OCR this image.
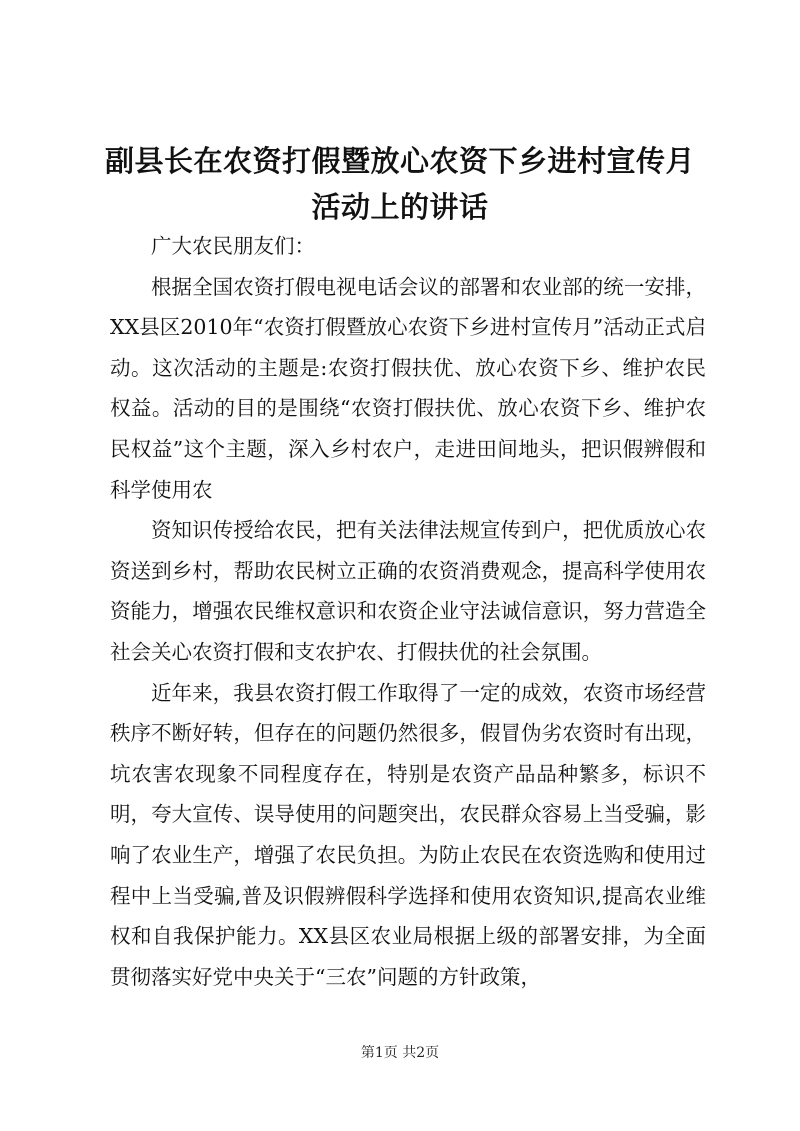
副县长在农资打假暨放心农资下乡进村宣传月
活动上的讲话

广大农民朋友们：

根据全国农资打假电视电话会议的部署和农业部的统一安排，XX县区2010年“农资打假暨放心农资下乡进村宣传月”活动正式启动。这次活动的主题是:农资打假扶优、放心农资下乡、维护农民权益。活动的目的是围绕“农资打假扶优、放心农资下乡、维护农民权益”这个主题，深入乡村农户，走进田间地头，把识假辨假和科学使用农

资知识传授给农民，把有关法律法规宣传到户，把优质放心农资送到乡村，帮助农民树立正确的农资消费观念，提高科学使用农资能力，增强农民维权意识和农资企业守法诚信意识，努力营造全社会关心农资打假和支农护农、打假扶优的社会氛围。

近年来，我县农资打假工作取得了一定的成效，农资市场经营秩序不断好转，但存在的问题仍然很多，假冒伪劣农资时有出现，坑农害农现象不同程度存在，特别是农资产品品种繁多，标识不明，夸大宣传、误导使用的问题突出，农民群众容易上当受骗，影响了农业生产，增强了农民负担。为防止农民在农资选购和使用过程中上当受骗,普及识假辨假科学选择和使用农资知识,提高农业维权和自我保护能力。XX县区农业局根据上级的部署安排，为全面贯彻落实好党中央关于“三农”问题的方针政策，

第1页 共2页
